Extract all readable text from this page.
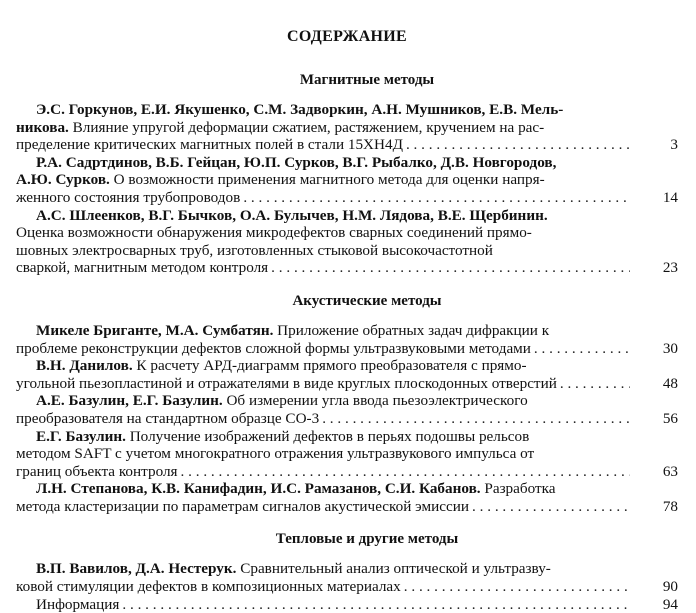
СОДЕРЖАНИЕ
Магнитные методы
Э.С. Горкунов, Е.И. Якушенко, С.М. Задворкин, А.Н. Мушников, Е.В. Мель-
никова. Влияние упругой деформации сжатием, растяжением, кручением на рас-
пределение критических магнитных полей в стали 15ХН4Д . . .	3
Р.А. Садртдинов, В.Б. Гейцан, Ю.П. Сурков, В.Г. Рыбалко, Д.В. Новгородов,
А.Ю. Сурков. О возможности применения магнитного метода для оценки напря-
женного состояния трубопроводов . . .	14
А.С. Шлеенков, В.Г. Бычков, О.А. Булычев, Н.М. Лядова, В.Е. Щербинин.
Оценка возможности обнаружения микродефектов сварных соединений прямо-
шовных электросварных труб, изготовленных стыковой высокочастотной
сваркой, магнитным методом контроля . . .	23
Акустические методы
Микеле Бриганте, М.А. Сумбатян. Приложение обратных задач дифракции к
проблеме реконструкции дефектов сложной формы ультразвуковыми методами . . .	30
В.Н. Данилов. К расчету АРД-диаграмм прямого преобразователя с прямо-
угольной пьезопластиной и отражателями в виде круглых плоскодонных отверстий . . .	48
А.Е. Базулин, Е.Г. Базулин. Об измерении угла ввода пьезоэлектрического
преобразователя на стандартном образце СО-3 . . .	56
Е.Г. Базулин. Получение изображений дефектов в перьях подошвы рельсов
методом SAFT с учетом многократного отражения ультразвукового импульса от
границ объекта контроля . . .	63
Л.Н. Степанова, К.В. Канифадин, И.С. Рамазанов, С.И. Кабанов. Разработка
метода кластеризации по параметрам сигналов акустической эмиссии . . .	78
Тепловые и другие методы
В.П. Вавилов, Д.А. Нестерук. Сравнительный анализ оптической и ультразву-
ковой стимуляции дефектов в композиционных материалах . . .	90
Информация . . .	94
